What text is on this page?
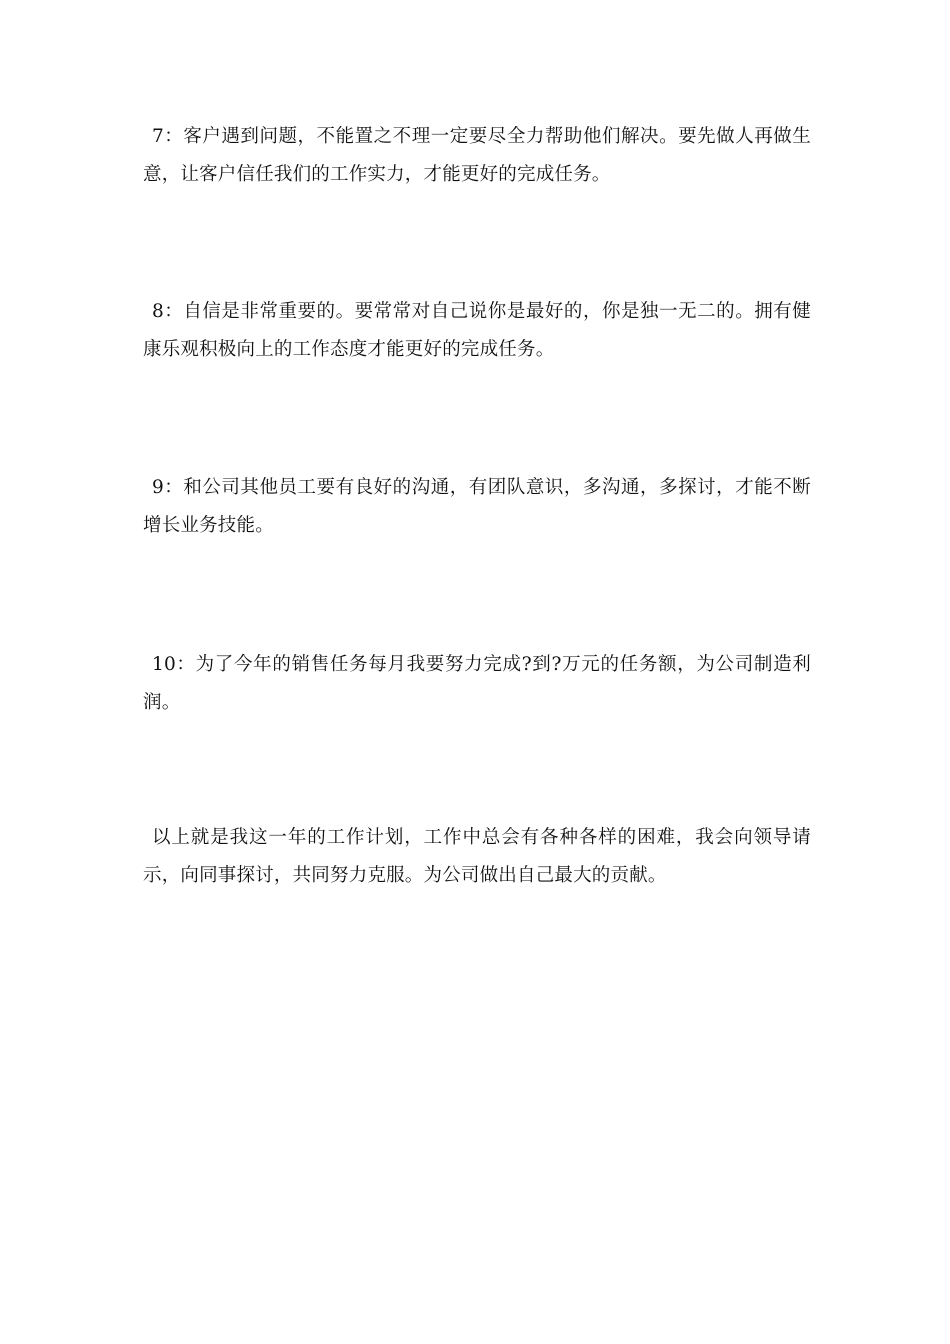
7：客户遇到问题，不能置之不理一定要尽全力帮助他们解决。要先做人再做生意，让客户信任我们的工作实力，才能更好的完成任务。

8：自信是非常重要的。要常常对自己说你是最好的，你是独一无二的。拥有健康乐观积极向上的工作态度才能更好的完成任务。

9：和公司其他员工要有良好的沟通，有团队意识，多沟通，多探讨，才能不断增长业务技能。

10：为了今年的销售任务每月我要努力完成?到?万元的任务额，为公司制造利润。

以上就是我这一年的工作计划，工作中总会有各种各样的困难，我会向领导请示，向同事探讨，共同努力克服。为公司做出自己最大的贡献。
